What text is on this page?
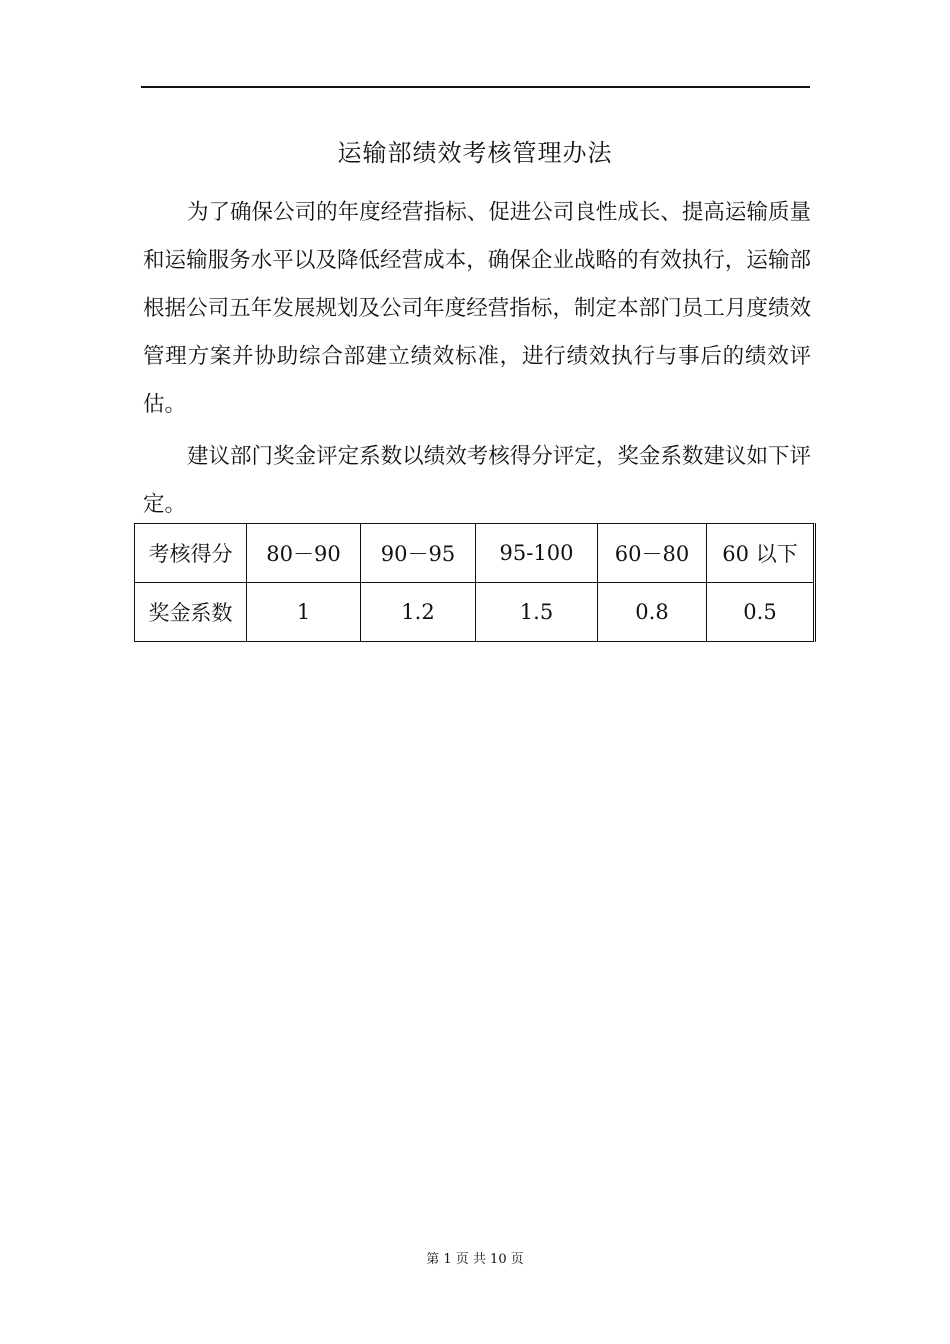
运输部绩效考核管理办法

为了确保公司的年度经营指标、促进公司良性成长、提高运输质量和运输服务水平以及降低经营成本，确保企业战略的有效执行，运输部根据公司五年发展规划及公司年度经营指标，制定本部门员工月度绩效管理方案并协助综合部建立绩效标准，进行绩效执行与事后的绩效评估。

建议部门奖金评定系数以绩效考核得分评定，奖金系数建议如下评定。

考核得分	80－90	90－95	95-100	60－80	60 以下
奖金系数	1	1.2	1.5	0.8	0.5
第 1 页 共 10 页
